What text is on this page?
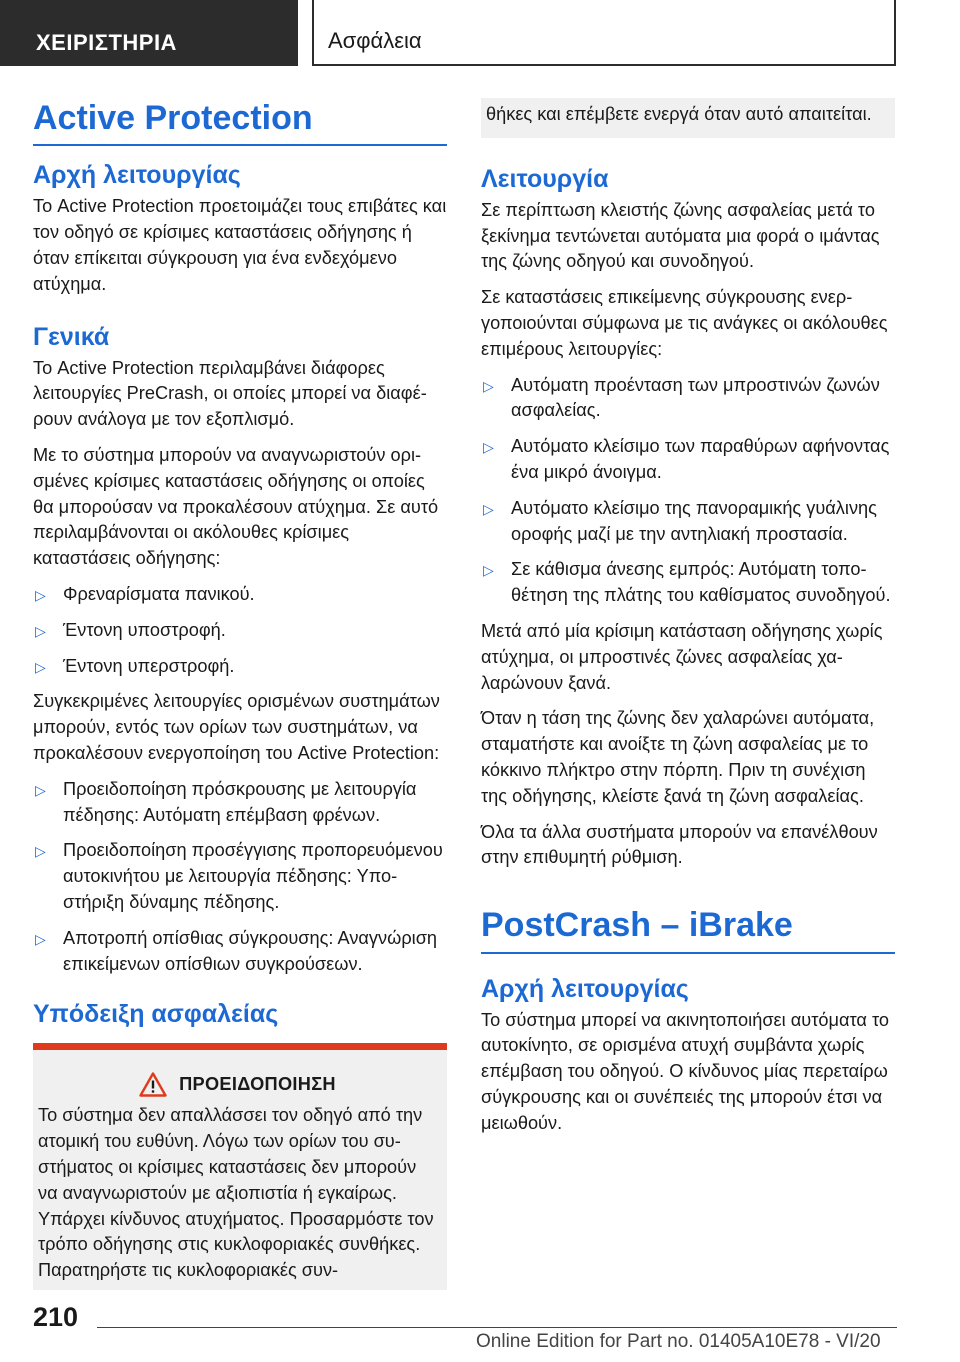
ΧΕΙΡΙΣΤΗΡΙΑ	Ασφάλεια
Active Protection
Αρχή λειτουργίας

Το Active Protection προετοιμάζει τους επιβάτες και τον οδηγό σε κρίσιμες καταστάσεις οδήγησης ή όταν επίκειται σύγκρουση για ένα ενδεχόμενο ατύχημα.

Γενικά

Το Active Protection περιλαμβάνει διάφορες λειτουργίες PreCrash, οι οποίες μπορεί να διαφέρουν ανάλογα με τον εξοπλισμό.

Με το σύστημα μπορούν να αναγνωριστούν ορισμένες κρίσιμες καταστάσεις οδήγησης οι οποίες θα μπορούσαν να προκαλέσουν ατύχημα. Σε αυτό περιλαμβάνονται οι ακόλουθες κρίσιμες καταστάσεις οδήγησης:

▷ Φρεναρίσματα πανικού.
▷ Έντονη υποστροφή.
▷ Έντονη υπερστροφή.

Συγκεκριμένες λειτουργίες ορισμένων συστημάτων μπορούν, εντός των ορίων των συστημάτων, να προκαλέσουν ενεργοποίηση του Active Protection:

▷ Προειδοποίηση πρόσκρουσης με λειτουργία πέδησης: Αυτόματη επέμβαση φρένων.
▷ Προειδοποίηση προσέγγισης προπορευόμενου αυτοκινήτου με λειτουργία πέδησης: Υποστήριξη δύναμης πέδησης.
▷ Αποτροπή οπίσθιας σύγκρουσης: Αναγνώριση επικείμενων οπίσθιων συγκρούσεων.
Υπόδειξη ασφαλείας
ΠΡΟΕΙΔΟΠΟΙΗΣΗ

Το σύστημα δεν απαλλάσσει τον οδηγό από την ατομική του ευθύνη. Λόγω των ορίων του συστήματος οι κρίσιμες καταστάσεις δεν μπορούν να αναγνωριστούν με αξιοπιστία ή εγκαίρως. Υπάρχει κίνδυνος ατυχήματος. Προσαρμόστε τον τρόπο οδήγησης στις κυκλοφοριακές συνθήκες. Παρατηρήστε τις κυκλοφοριακές συν-

θήκες και επέμβετε ενεργά όταν αυτό απαιτείται.

Λειτουργία

Σε περίπτωση κλειστής ζώνης ασφαλείας μετά το ξεκίνημα τεντώνεται αυτόματα μια φορά ο ιμάντας της ζώνης οδηγού και συνοδηγού.

Σε καταστάσεις επικείμενης σύγκρουσης ενεργοποιούνται σύμφωνα με τις ανάγκες οι ακόλουθες επιμέρους λειτουργίες:

▷ Αυτόματη προένταση των μπροστινών ζωνών ασφαλείας.
▷ Αυτόματο κλείσιμο των παραθύρων αφήνοντας ένα μικρό άνοιγμα.
▷ Αυτόματο κλείσιμο της πανοραμικής γυάλινης οροφής μαζί με την αντηλιακή προστασία.
▷ Σε κάθισμα άνεσης εμπρός: Αυτόματη τοποθέτηση της πλάτης του καθίσματος συνοδηγού.

Μετά από μία κρίσιμη κατάσταση οδήγησης χωρίς ατύχημα, οι μπροστινές ζώνες ασφαλείας χαλαρώνουν ξανά.

Όταν η τάση της ζώνης δεν χαλαρώνει αυτόματα, σταματήστε και ανοίξτε τη ζώνη ασφαλείας με το κόκκινο πλήκτρο στην πόρπη. Πριν τη συνέχιση της οδήγησης, κλείστε ξανά τη ζώνη ασφαλείας.

Όλα τα άλλα συστήματα μπορούν να επανέλθουν στην επιθυμητή ρύθμιση.

PostCrash – iBrake
Αρχή λειτουργίας

Το σύστημα μπορεί να ακινητοποιήσει αυτόματα το αυτοκίνητο, σε ορισμένα ατυχή συμβάντα χωρίς επέμβαση του οδηγού. Ο κίνδυνος μίας περεταίρω σύγκρουσης και οι συνέπειές της μπορούν έτσι να μειωθούν.

210
Online Edition for Part no. 01405A10E78 - VI/20
